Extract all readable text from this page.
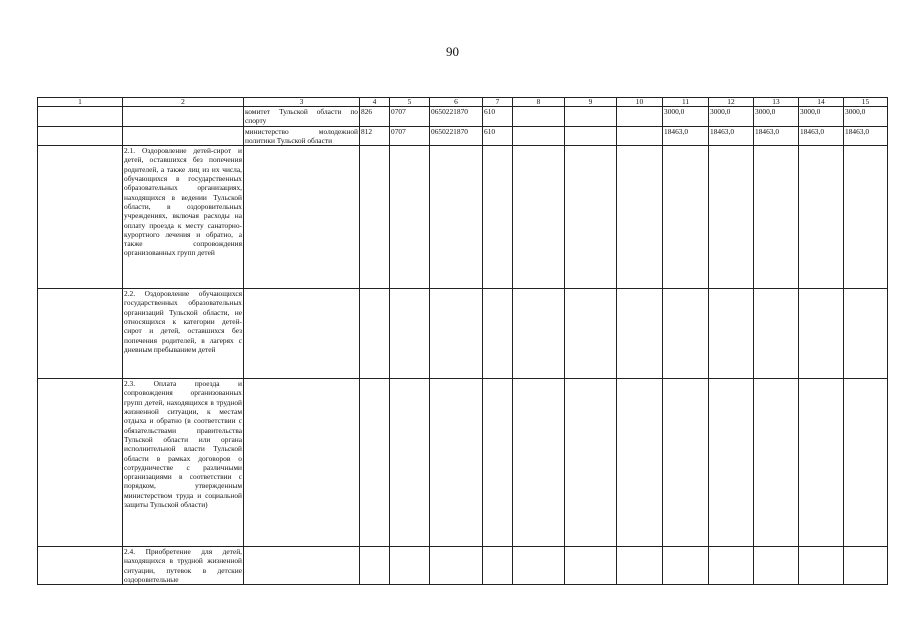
90
1	2	3	4	5	6	7	8	9	10	11	12	13	14	15
		комитет Тульской области по спорту	826	0707	0650221870	610				3000,0	3000,0	3000,0	3000,0	3000,0
		министерство молодежной политики Тульской области	812	0707	0650221870	610				18463,0	18463,0	18463,0	18463,0	18463,0
	2.1. Оздоровление детей-сирот и детей, оставшихся без попечения родителей, а также лиц из их числа, обучающихся в государственных образовательных организациях, находящихся в ведении Тульской области, в оздоровительных учреждениях, включая расходы на оплату проезда к месту санаторно-курортного лечения и обратно, а также сопровождения организованных групп детей													
	2.2. Оздоровление обучающихся государственных образовательных организаций Тульской области, не относящихся к категории детей-сирот и детей, оставшихся без попечения родителей, в лагерях с дневным пребыванием детей													
	2.3. Оплата проезда и сопровождения организованных групп детей, находящихся в трудной жизненной ситуации, к местам отдыха и обратно (в соответствии с обязательствами правительства Тульской области или органа исполнительной власти Тульской области в рамках договоров о сотрудничестве с различными организациями в соответствии с порядком, утвержденным министерством труда и социальной защиты Тульской области)													
	2.4. Приобретение для детей, находящихся в трудной жизненной ситуации, путевок в детские оздоровительные													
